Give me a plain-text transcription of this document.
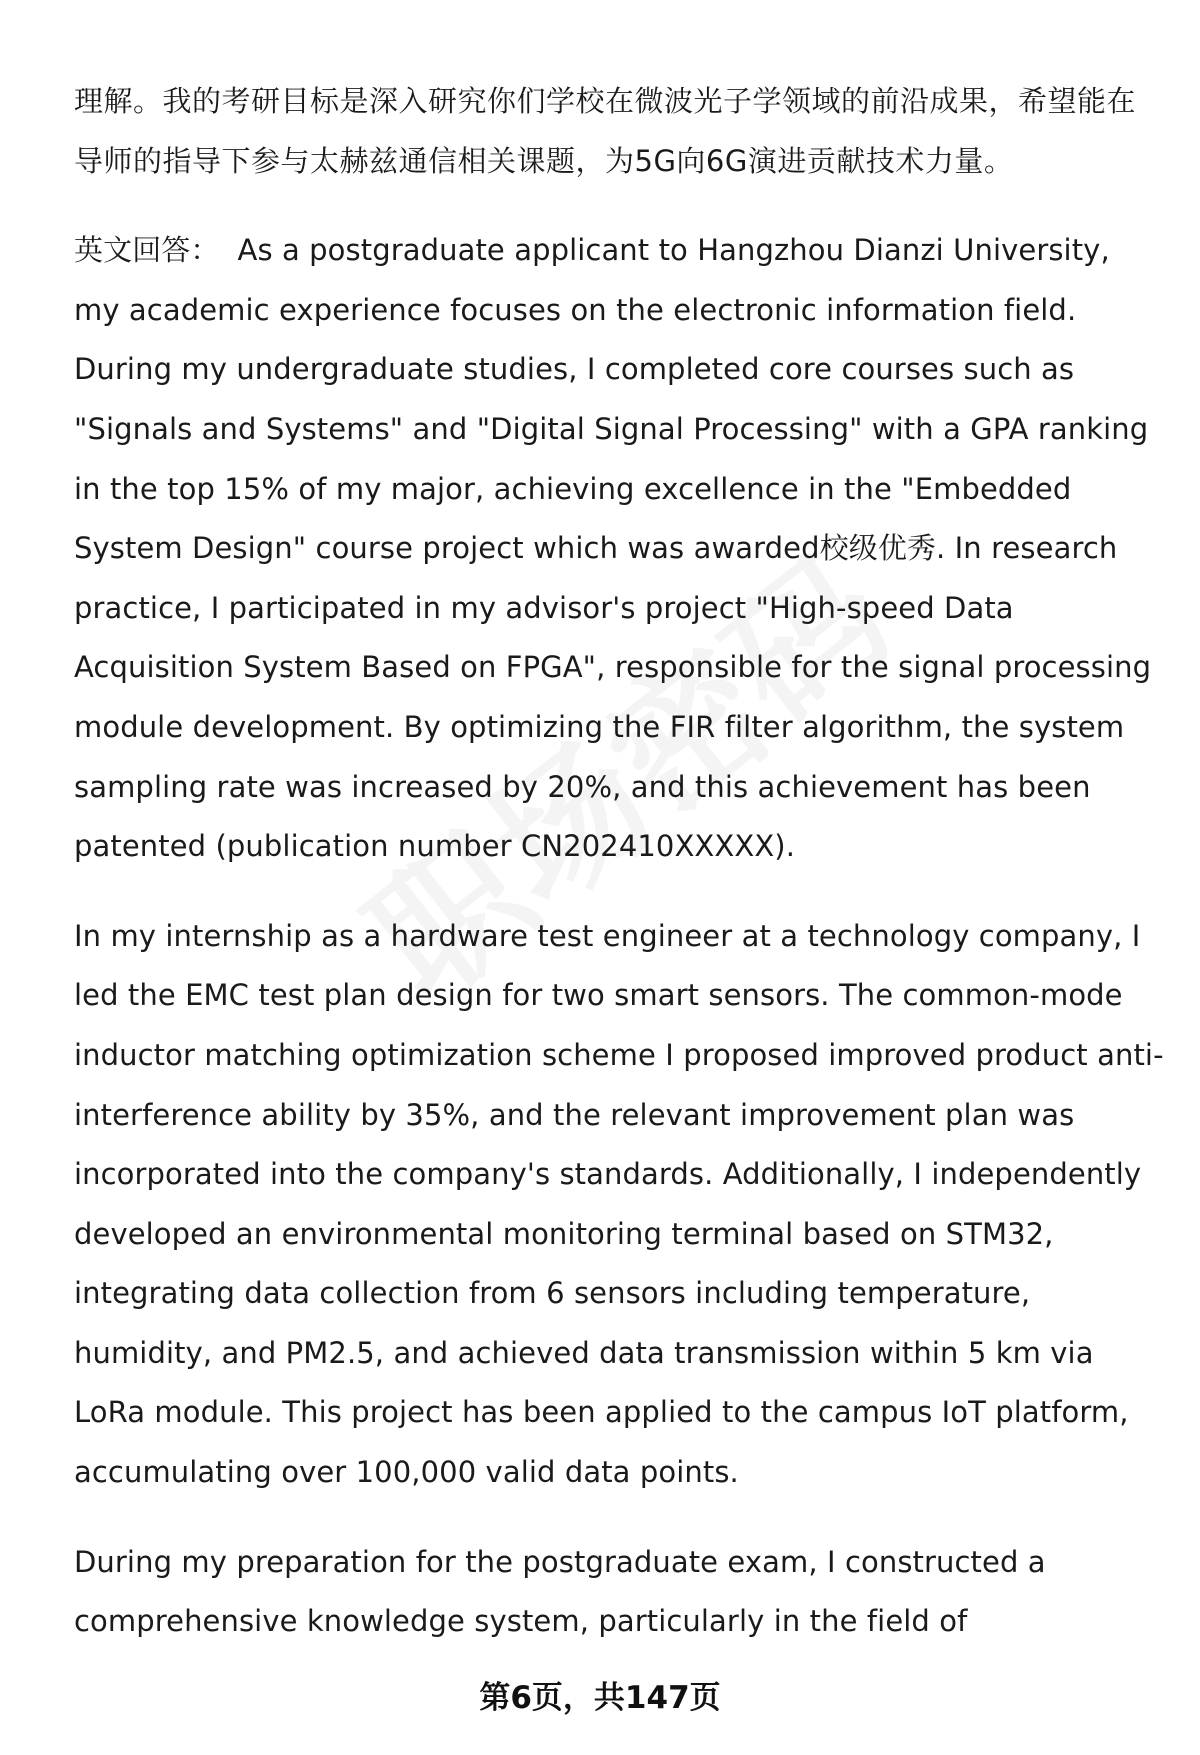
理解。我的考研目标是深入研究你们学校在微波光子学领域的前沿成果，希望能在导师的指导下参与太赫兹通信相关课题，为5G向6G演进贡献技术力量。

英文回答： As a postgraduate applicant to Hangzhou Dianzi University, my academic experience focuses on the electronic information field. During my undergraduate studies, I completed core courses such as "Signals and Systems" and "Digital Signal Processing" with a GPA ranking in the top 15% of my major, achieving excellence in the "Embedded System Design" course project which was awarded校级优秀. In research practice, I participated in my advisor's project "High-speed Data Acquisition System Based on FPGA", responsible for the signal processing module development. By optimizing the FIR filter algorithm, the system sampling rate was increased by 20%, and this achievement has been patented (publication number CN202410XXXXX).

In my internship as a hardware test engineer at a technology company, I led the EMC test plan design for two smart sensors. The common-mode inductor matching optimization scheme I proposed improved product anti-interference ability by 35%, and the relevant improvement plan was incorporated into the company's standards. Additionally, I independently developed an environmental monitoring terminal based on STM32, integrating data collection from 6 sensors including temperature, humidity, and PM2.5, and achieved data transmission within 5 km via LoRa module. This project has been applied to the campus IoT platform, accumulating over 100,000 valid data points.

During my preparation for the postgraduate exam, I constructed a comprehensive knowledge system, particularly in the field of

第6页，共147页
